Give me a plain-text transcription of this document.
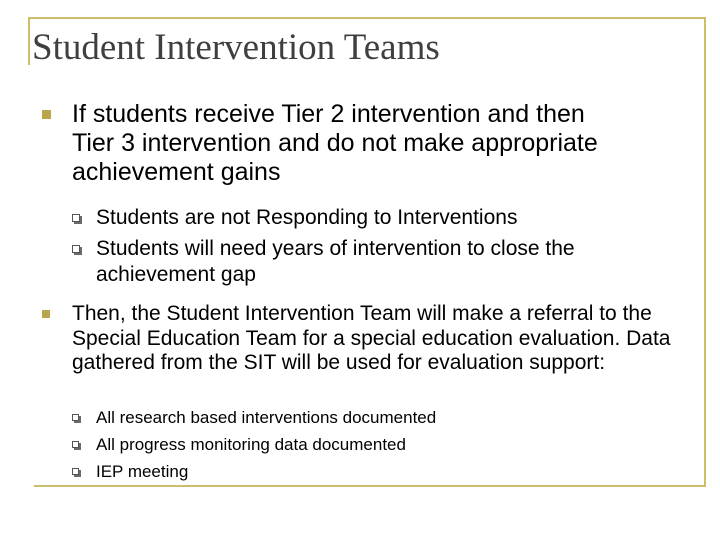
Student Intervention Teams
If students receive Tier 2 intervention and then Tier 3 intervention and do not make appropriate achievement gains
Students are not Responding to Interventions
Students will need years of intervention to close the achievement gap
Then, the Student Intervention Team will make a referral to the Special Education Team for a special education evaluation. Data gathered from the SIT will be used for evaluation support:
All research based interventions documented
All progress monitoring data documented
IEP meeting
